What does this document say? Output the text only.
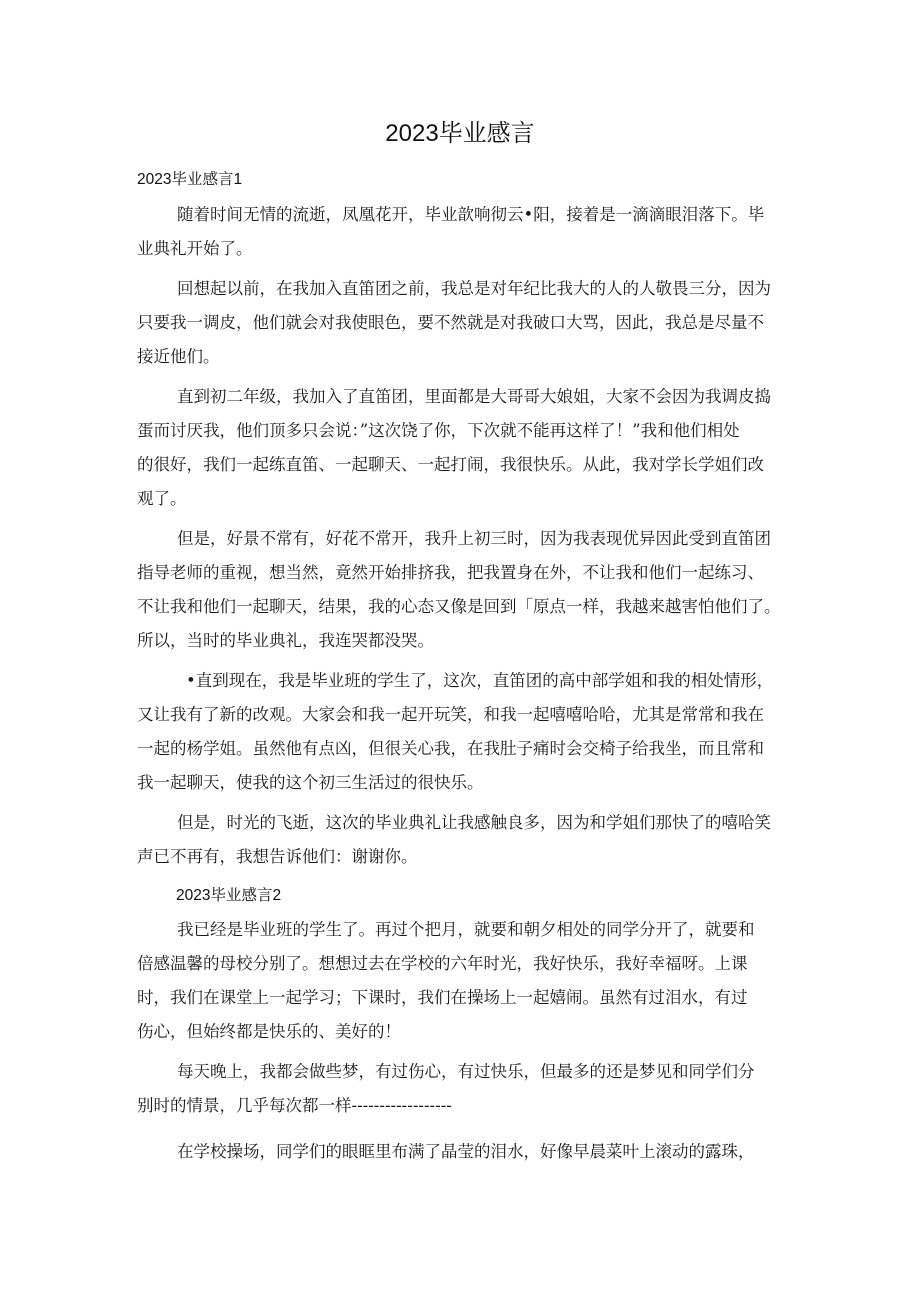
2023毕业感言
2023毕业感言1
随着时间无情的流逝，凤凰花开，毕业歆响彻云•阳，接着是一滴滴眼泪落下。毕
业典礼开始了。
回想起以前，在我加入直笛团之前，我总是对年纪比我大的人的人敬畏三分，因为
只要我一调皮，他们就会对我使眼色，要不然就是对我破口大骂，因此，我总是尽量不
接近他们。
直到初二年级，我加入了直笛团，里面都是大哥哥大娘姐，大家不会因为我调皮捣
蛋而讨厌我，他们顶多只会说：”这次饶了你，下次就不能再这样了！”我和他们相处
的很好，我们一起练直笛、一起聊天、一起打闹，我很快乐。从此，我对学长学姐们改
观了。
但是，好景不常有，好花不常开，我升上初三时，因为我表现优异因此受到直笛团
指导老师的重视，想当然，竟然开始排挤我，把我置身在外，不让我和他们一起练习、
不让我和他们一起聊天，结果，我的心态又像是回到「原点一样，我越来越害怕他们了。
所以，当时的毕业典礼，我连哭都没哭。
•直到现在，我是毕业班的学生了，这次，直笛团的高中部学姐和我的相处情形，
又让我有了新的改观。大家会和我一起开玩笑，和我一起嘻嘻哈哈，尤其是常常和我在
一起的杨学姐。虽然他有点凶，但很关心我，在我肚子痛时会交椅子给我坐，而且常和
我一起聊天，使我的这个初三生活过的很快乐。
但是，时光的飞逝，这次的毕业典礼让我感触良多，因为和学姐们那快了的嘻哈笑
声已不再有，我想告诉他们：谢谢你。
2023毕业感言2
我已经是毕业班的学生了。再过个把月，就要和朝夕相处的同学分开了，就要和
倍感温馨的母校分别了。想想过去在学校的六年时光，我好快乐，我好幸福呀。上课
时，我们在课堂上一起学习；下课时，我们在操场上一起嬉闹。虽然有过泪水，有过
伤心，但始终都是快乐的、美好的！
每天晚上，我都会做些梦，有过伤心，有过快乐，但最多的还是梦见和同学们分
别时的情景，几乎每次都一样------------------
在学校操场，同学们的眼眶里布满了晶莹的泪水，好像早晨菜叶上滚动的露珠，
